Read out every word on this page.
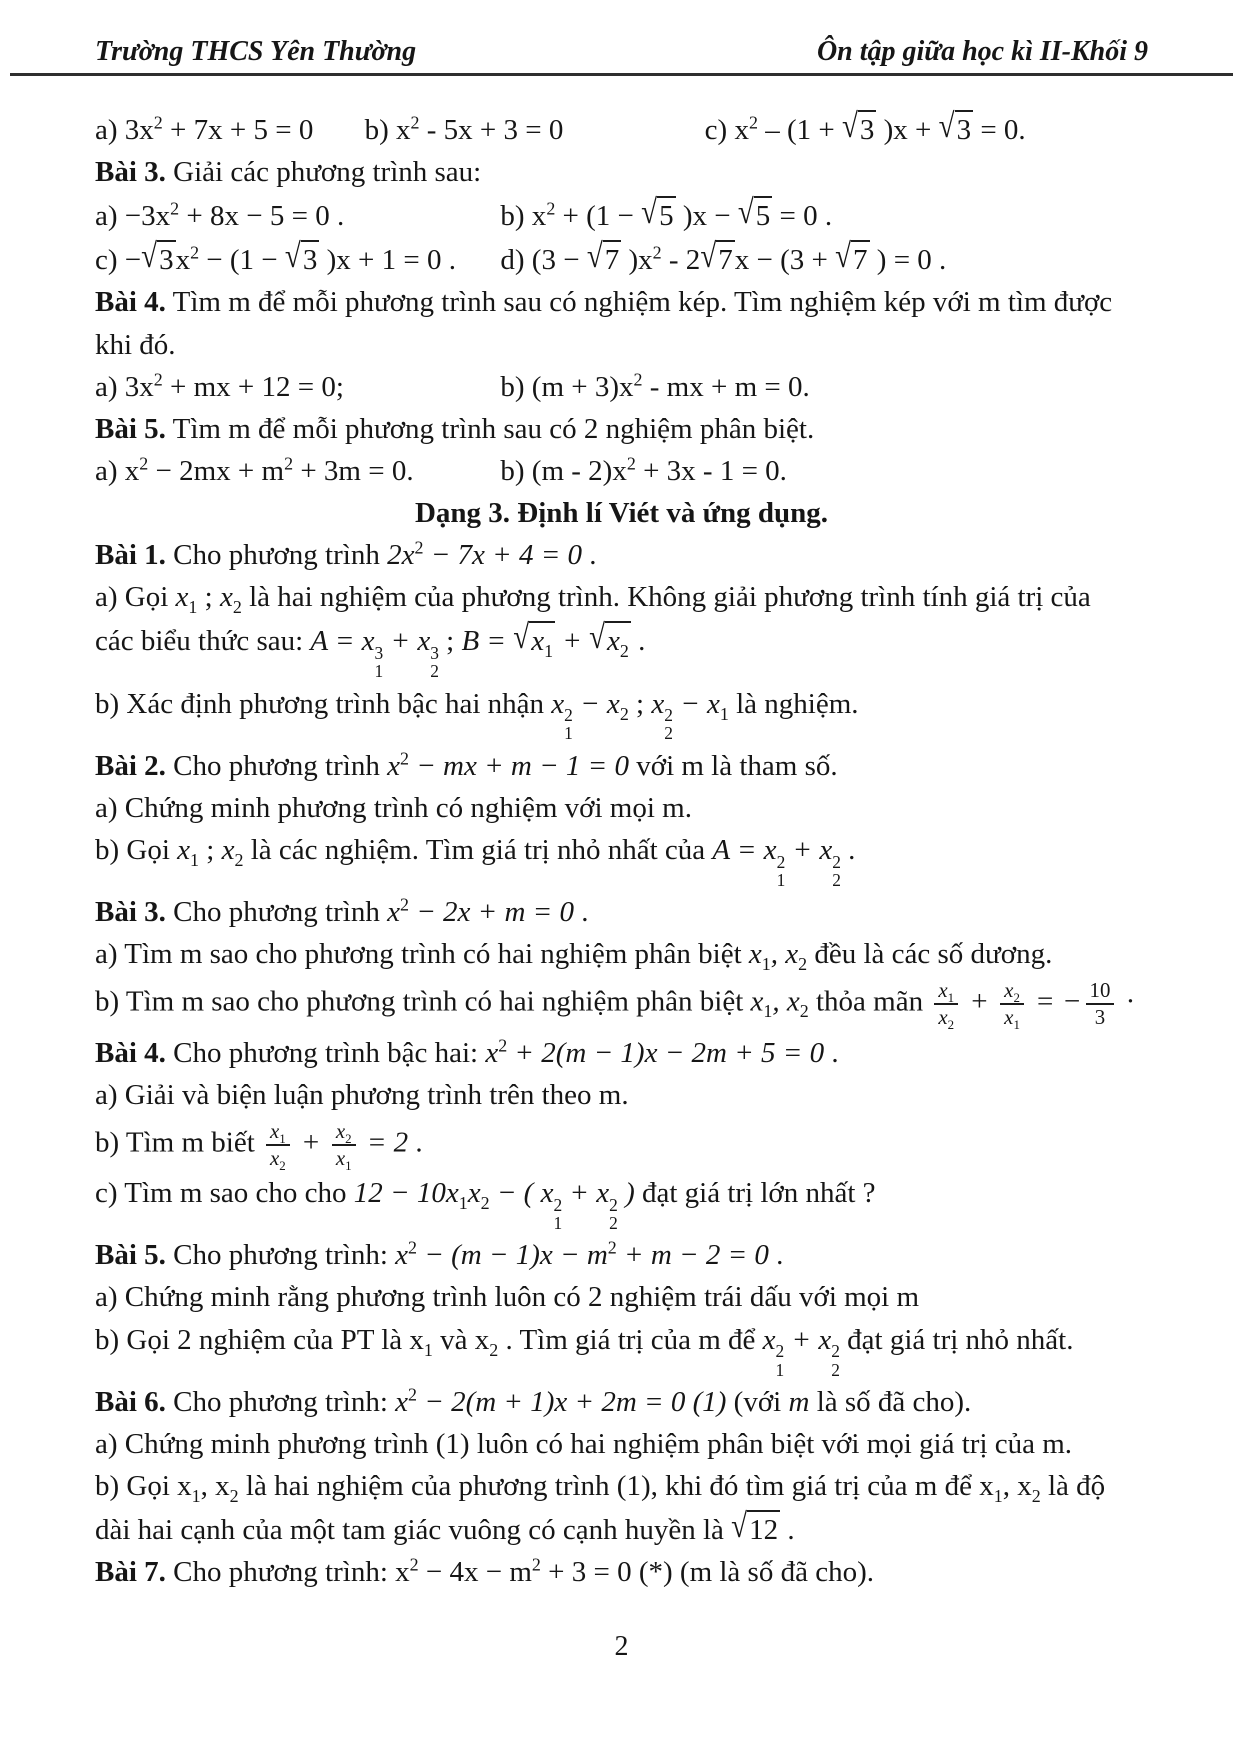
Trường THCS Yên Thường	Ôn tập giữa học kì II-Khối 9
a) $3x^2 + 7x + 5 = 0$	b) $x^2 - 5x + 3 = 0$	c) $x^2 - (1 + √3$ )x + √3 = 0.
Bài 3. Giải các phương trình sau:
$a) -3x^2 + 8x - 5 = 0$ .	b) $x^2 + (1 - √5$ )x − √5 = 0 .
$c) -√3x^2 - (1 - √3$ )x + 1 = 0 .	d) (3 − √7 )$x^2 - 2√7x - (3 + √7$ ) = 0 .
Bài 4. Tìm m để mỗi phương trình sau có nghiệm kép. Tìm nghiệm kép với m tìm được
khi đó.
a) $3x^2$ + mx + 12 = 0;	b) $(m + 3)x^2$ - mx + m = 0.
Bài 5. Tìm m để mỗi phương trình sau có 2 nghiệm phân biệt.
a) $x^2 - 2mx + m^2 + 3m = 0$.	b) $(m - 2)x^2 + 3x - 1 = 0$.
Dạng 3. Định lí Viét và ứng dụng.
Bài 1. Cho phương trình $2x^2 - 7x + 4 = 0$ .
a) Gọi $x_1$ ; $x_2$ là hai nghiệm của phương trình. Không giải phương trình tính giá trị của
các biểu thức sau: A = x 3
1
+ x 3
2
; $B = √x_1 + √x_2$ .
b) Xác định phương trình bậc hai nhận x 2
1
− $x_2$ ; x 2
2
− $x_1$ là nghiệm.
Bài 2. Cho phương trình $x^2$ − mx + m − 1 = 0 với m là tham số.
a) Chứng minh phương trình có nghiệm với mọi m.
b) Gọi $x_1$ ; $x_2$ là các nghiệm. Tìm giá trị nhỏ nhất của A = x 2
1
+ x 2
2
.
Bài 3. Cho phương trình $x^2 - 2x + m = 0$ .
a) Tìm m sao cho phương trình có hai nghiệm phân biệt $x_1$, $x_2$ đều là các số dương.
b) Tìm m sao cho phương trình có hai nghiệm phân biệt $x_1$, $x_2$ thỏa mãn $\frac{x_1}{x_2} + \frac{x_2}{x_1}$ = − $\frac{10}{3}$ ·
Bài 4. Cho phương trình bậc hai: $x^2 + 2(m - 1)x - 2m + 5 = 0$ .
a) Giải và biện luận phương trình trên theo m.
b) Tìm m biết $\frac{x_1}{x_2} + \frac{x_2}{x_1} = 2$ .
c) Tìm m sao cho cho $12 - 10x_1x_2$ − ( x 2
1
+ x 2
2
) đạt giá trị lớn nhất ?
Bài 5. Cho phương trình: $x^2 - (m - 1)x - m^2 + m - 2 = 0$ .
a) Chứng minh rằng phương trình luôn có 2 nghiệm trái dấu với mọi m
b) Gọi 2 nghiệm của PT là $x_1$ và $x_2$ . Tìm giá trị của m để x 2
1
+ x 2
2
đạt giá trị nhỏ nhất.
Bài 6. Cho phương trình: $x^2 - 2(m + 1)x + 2m = 0$ (1) (với m là số đã cho).
a) Chứng minh phương trình (1) luôn có hai nghiệm phân biệt với mọi giá trị của m.
b) Gọi $x_1$, $x_2$ là hai nghiệm của phương trình (1), khi đó tìm giá trị của m để $x_1$, $x_2$ là độ
dài hai cạnh của một tam giác vuông có cạnh huyền là √12 .
Bài 7. Cho phương trình: $x^2 - 4x - m^2 + 3 = 0$ (*) (m là số đã cho).
2
